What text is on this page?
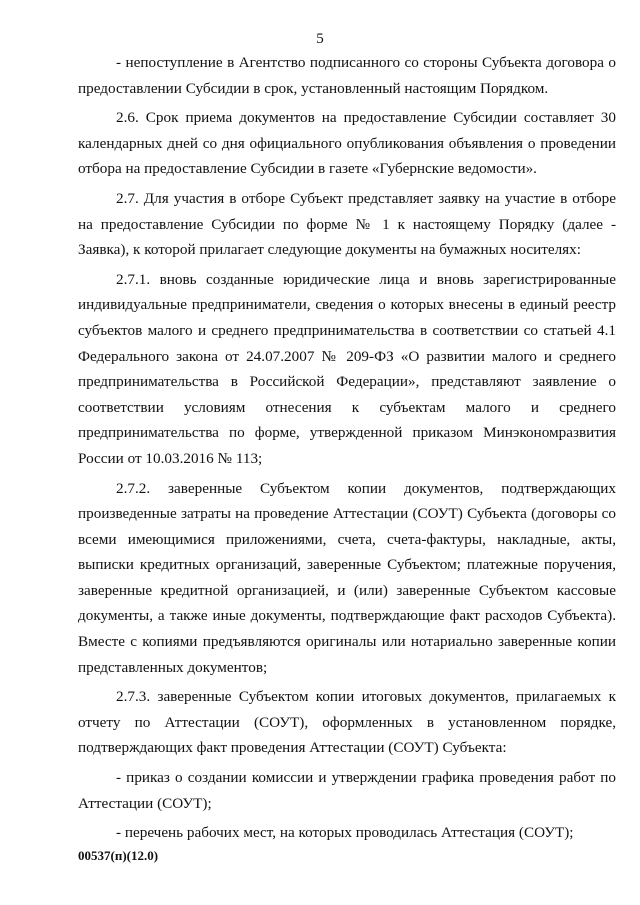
5

- непоступление в Агентство подписанного со стороны Субъекта договора о предоставлении Субсидии в срок, установленный настоящим Порядком.

2.6. Срок приема документов на предоставление Субсидии составляет 30 календарных дней со дня официального опубликования объявления о проведении отбора на предоставление Субсидии в газете «Губернские ведомости».

2.7. Для участия в отборе Субъект представляет заявку на участие в отборе на предоставление Субсидии по форме № 1 к настоящему Порядку (далее - Заявка), к которой прилагает следующие документы на бумажных носителях:

2.7.1. вновь созданные юридические лица и вновь зарегистрированные индивидуальные предприниматели, сведения о которых внесены в единый реестр субъектов малого и среднего предпринимательства в соответствии со статьей 4.1 Федерального закона от 24.07.2007 № 209-ФЗ «О развитии малого и среднего предпринимательства в Российской Федерации», представляют заявление о соответствии условиям отнесения к субъектам малого и среднего предпринимательства по форме, утвержденной приказом Минэкономразвития России от 10.03.2016 № 113;

2.7.2. заверенные Субъектом копии документов, подтверждающих произведенные затраты на проведение Аттестации (СОУТ) Субъекта (договоры со всеми имеющимися приложениями, счета, счета-фактуры, накладные, акты, выписки кредитных организаций, заверенные Субъектом; платежные поручения, заверенные кредитной организацией, и (или) заверенные Субъектом кассовые документы, а также иные документы, подтверждающие факт расходов Субъекта). Вместе с копиями предъявляются оригиналы или нотариально заверенные копии представленных документов;

2.7.3. заверенные Субъектом копии итоговых документов, прилагаемых к отчету по Аттестации (СОУТ), оформленных в установленном порядке, подтверждающих факт проведения Аттестации (СОУТ) Субъекта:

- приказ о создании комиссии и утверждении графика проведения работ по Аттестации (СОУТ);

- перечень рабочих мест, на которых проводилась Аттестация (СОУТ);

00537(п)(12.0)
